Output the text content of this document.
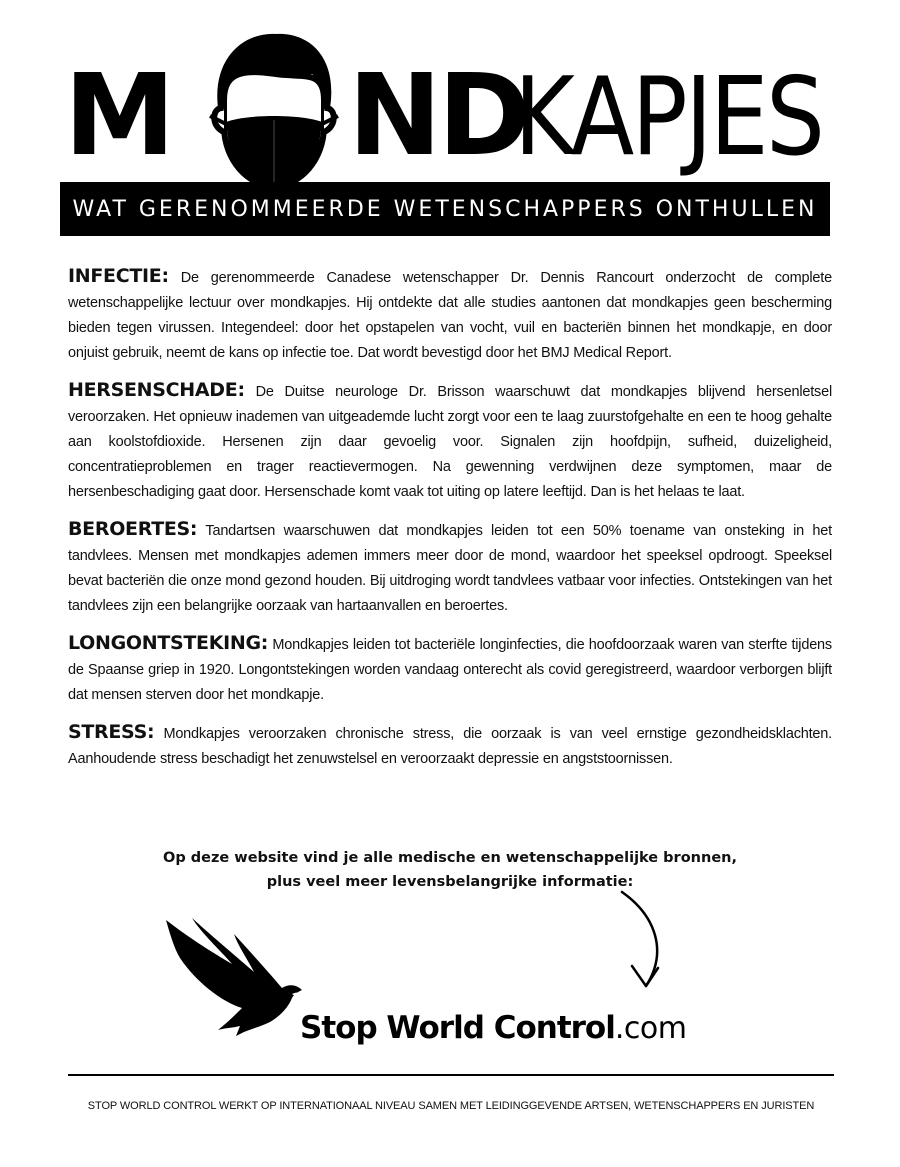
M ND
KAPJES
WAT GERENOMMEERDE WETENSCHAPPERS ONTHULLEN

INFECTIE: De gerenommeerde Canadese wetenschapper Dr. Dennis Rancourt onderzocht de complete wetenschappelijke lectuur over mondkapjes. Hij ontdekte dat alle studies aantonen dat mondkapjes geen bescherming bieden tegen virussen. Integendeel: door het opstapelen van vocht, vuil en bacteriën binnen het mondkapje, en door onjuist gebruik, neemt de kans op infectie toe. Dat wordt bevestigd door het BMJ Medical Report.

HERSENSCHADE: De Duitse neurologe Dr. Brisson waarschuwt dat mondkapjes blijvend hersenletsel veroorzaken. Het opnieuw inademen van uitgeademde lucht zorgt voor een te laag zuurstofgehalte en een te hoog gehalte aan koolstofdioxide. Hersenen zijn daar gevoelig voor. Signalen zijn hoofdpijn, sufheid, duizeligheid, concentratieproblemen en trager reactievermogen. Na gewenning verdwijnen deze symptomen, maar de hersenbeschadiging gaat door. Hersenschade komt vaak tot uiting op latere leeftijd. Dan is het helaas te laat.

BEROERTES: Tandartsen waarschuwen dat mondkapjes leiden tot een 50% toename van onsteking in het tandvlees. Mensen met mondkapjes ademen immers meer door de mond, waardoor het speeksel opdroogt. Speeksel bevat bacteriën die onze mond gezond houden. Bij uitdroging wordt tandvlees vatbaar voor infecties. Ontstekingen van het tandvlees zijn een belangrijke oorzaak van hartaanvallen en beroertes.

LONGONTSTEKING: Mondkapjes leiden tot bacteriële longinfecties, die hoofdoorzaak waren van sterfte tijdens de Spaanse griep in 1920. Longontstekingen worden vandaag onterecht als covid geregistreerd, waardoor verborgen blijft dat mensen sterven door het mondkapje.

STRESS: Mondkapjes veroorzaken chronische stress, die oorzaak is van veel ernstige gezondheidsklachten. Aanhoudende stress beschadigt het zenuwstelsel en veroorzaakt depressie en angststoornissen.

Op deze website vind je alle medische en wetenschappelijke bronnen,
plus veel meer levensbelangrijke informatie:
Stop World Control.com
STOP WORLD CONTROL WERKT OP INTERNATIONAAL NIVEAU SAMEN MET LEIDINGGEVENDE ARTSEN, WETENSCHAPPERS EN JURISTEN
